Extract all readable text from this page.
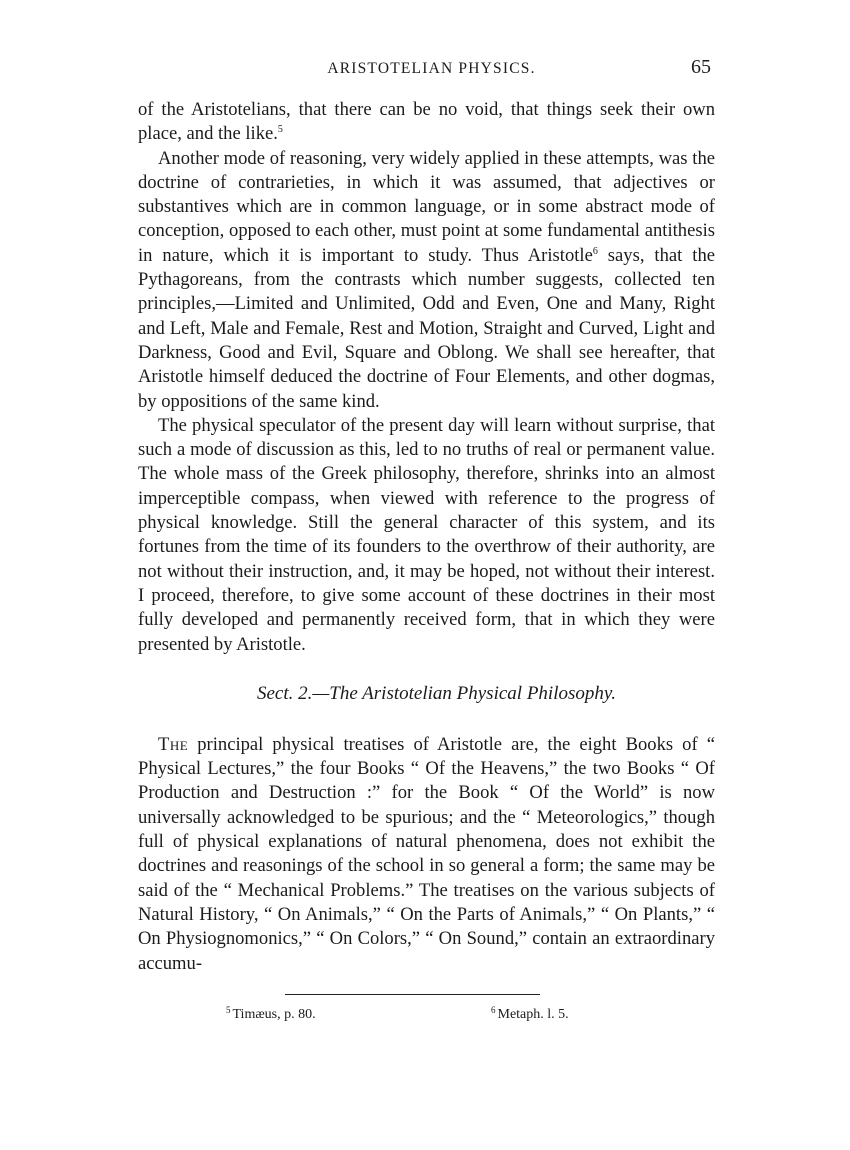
ARISTOTELIAN PHYSICS.	65

of the Aristotelians, that there can be no void, that things seek their own place, and the like.$^5$

Another mode of reasoning, very widely applied in these attempts, was the doctrine of contrarieties, in which it was assumed, that adjectives or substantives which are in common language, or in some abstract mode of conception, opposed to each other, must point at some fundamental antithesis in nature, which it is important to study. Thus Aristotle$^6$ says, that the Pythagoreans, from the contrasts which number suggests, collected ten principles,—Limited and Unlimited, Odd and Even, One and Many, Right and Left, Male and Female, Rest and Motion, Straight and Curved, Light and Darkness, Good and Evil, Square and Oblong. We shall see hereafter, that Aristotle himself deduced the doctrine of Four Elements, and other dogmas, by oppositions of the same kind.

The physical speculator of the present day will learn without surprise, that such a mode of discussion as this, led to no truths of real or permanent value. The whole mass of the Greek philosophy, therefore, shrinks into an almost imperceptible compass, when viewed with reference to the progress of physical knowledge. Still the general character of this system, and its fortunes from the time of its founders to the overthrow of their authority, are not without their instruction, and, it may be hoped, not without their interest. I proceed, therefore, to give some account of these doctrines in their most fully developed and permanently received form, that in which they were presented by Aristotle.

Sect. 2.—The Aristotelian Physical Philosophy.

The principal physical treatises of Aristotle are, the eight Books of “ Physical Lectures,” the four Books “ Of the Heavens,” the two Books “ Of Production and Destruction :” for the Book “ Of the World” is now universally acknowledged to be spurious; and the “ Meteorologics,” though full of physical explanations of natural phenomena, does not exhibit the doctrines and reasonings of the school in so general a form; the same may be said of the “ Mechanical Problems.” The treatises on the various subjects of Natural History, “ On Animals,” “ On the Parts of Animals,” “ On Plants,” “ On Physiognomonics,” “ On Colors,” “ On Sound,” contain an extraordinary accumu-

$^5$ Timæus, p. 80.	$^6$ Metaph. l. 5.
